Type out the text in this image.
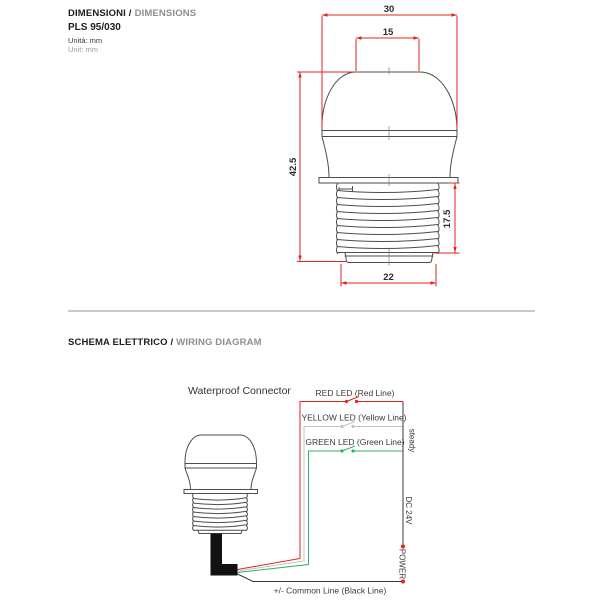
DIMENSIONI / DIMENSIONS
PLS 95/030
Unità: mm
Unit: mm
30
15
42.5
17.5
22
SCHEMA ELETTRICO / WIRING DIAGRAM
Waterproof Connector	RED LED (Red Line)
YELLOW LED (Yellow Line)
GREEN LED (Green Line)
+/- Common Line (Black Line)
steady
DC 24V
POWER
